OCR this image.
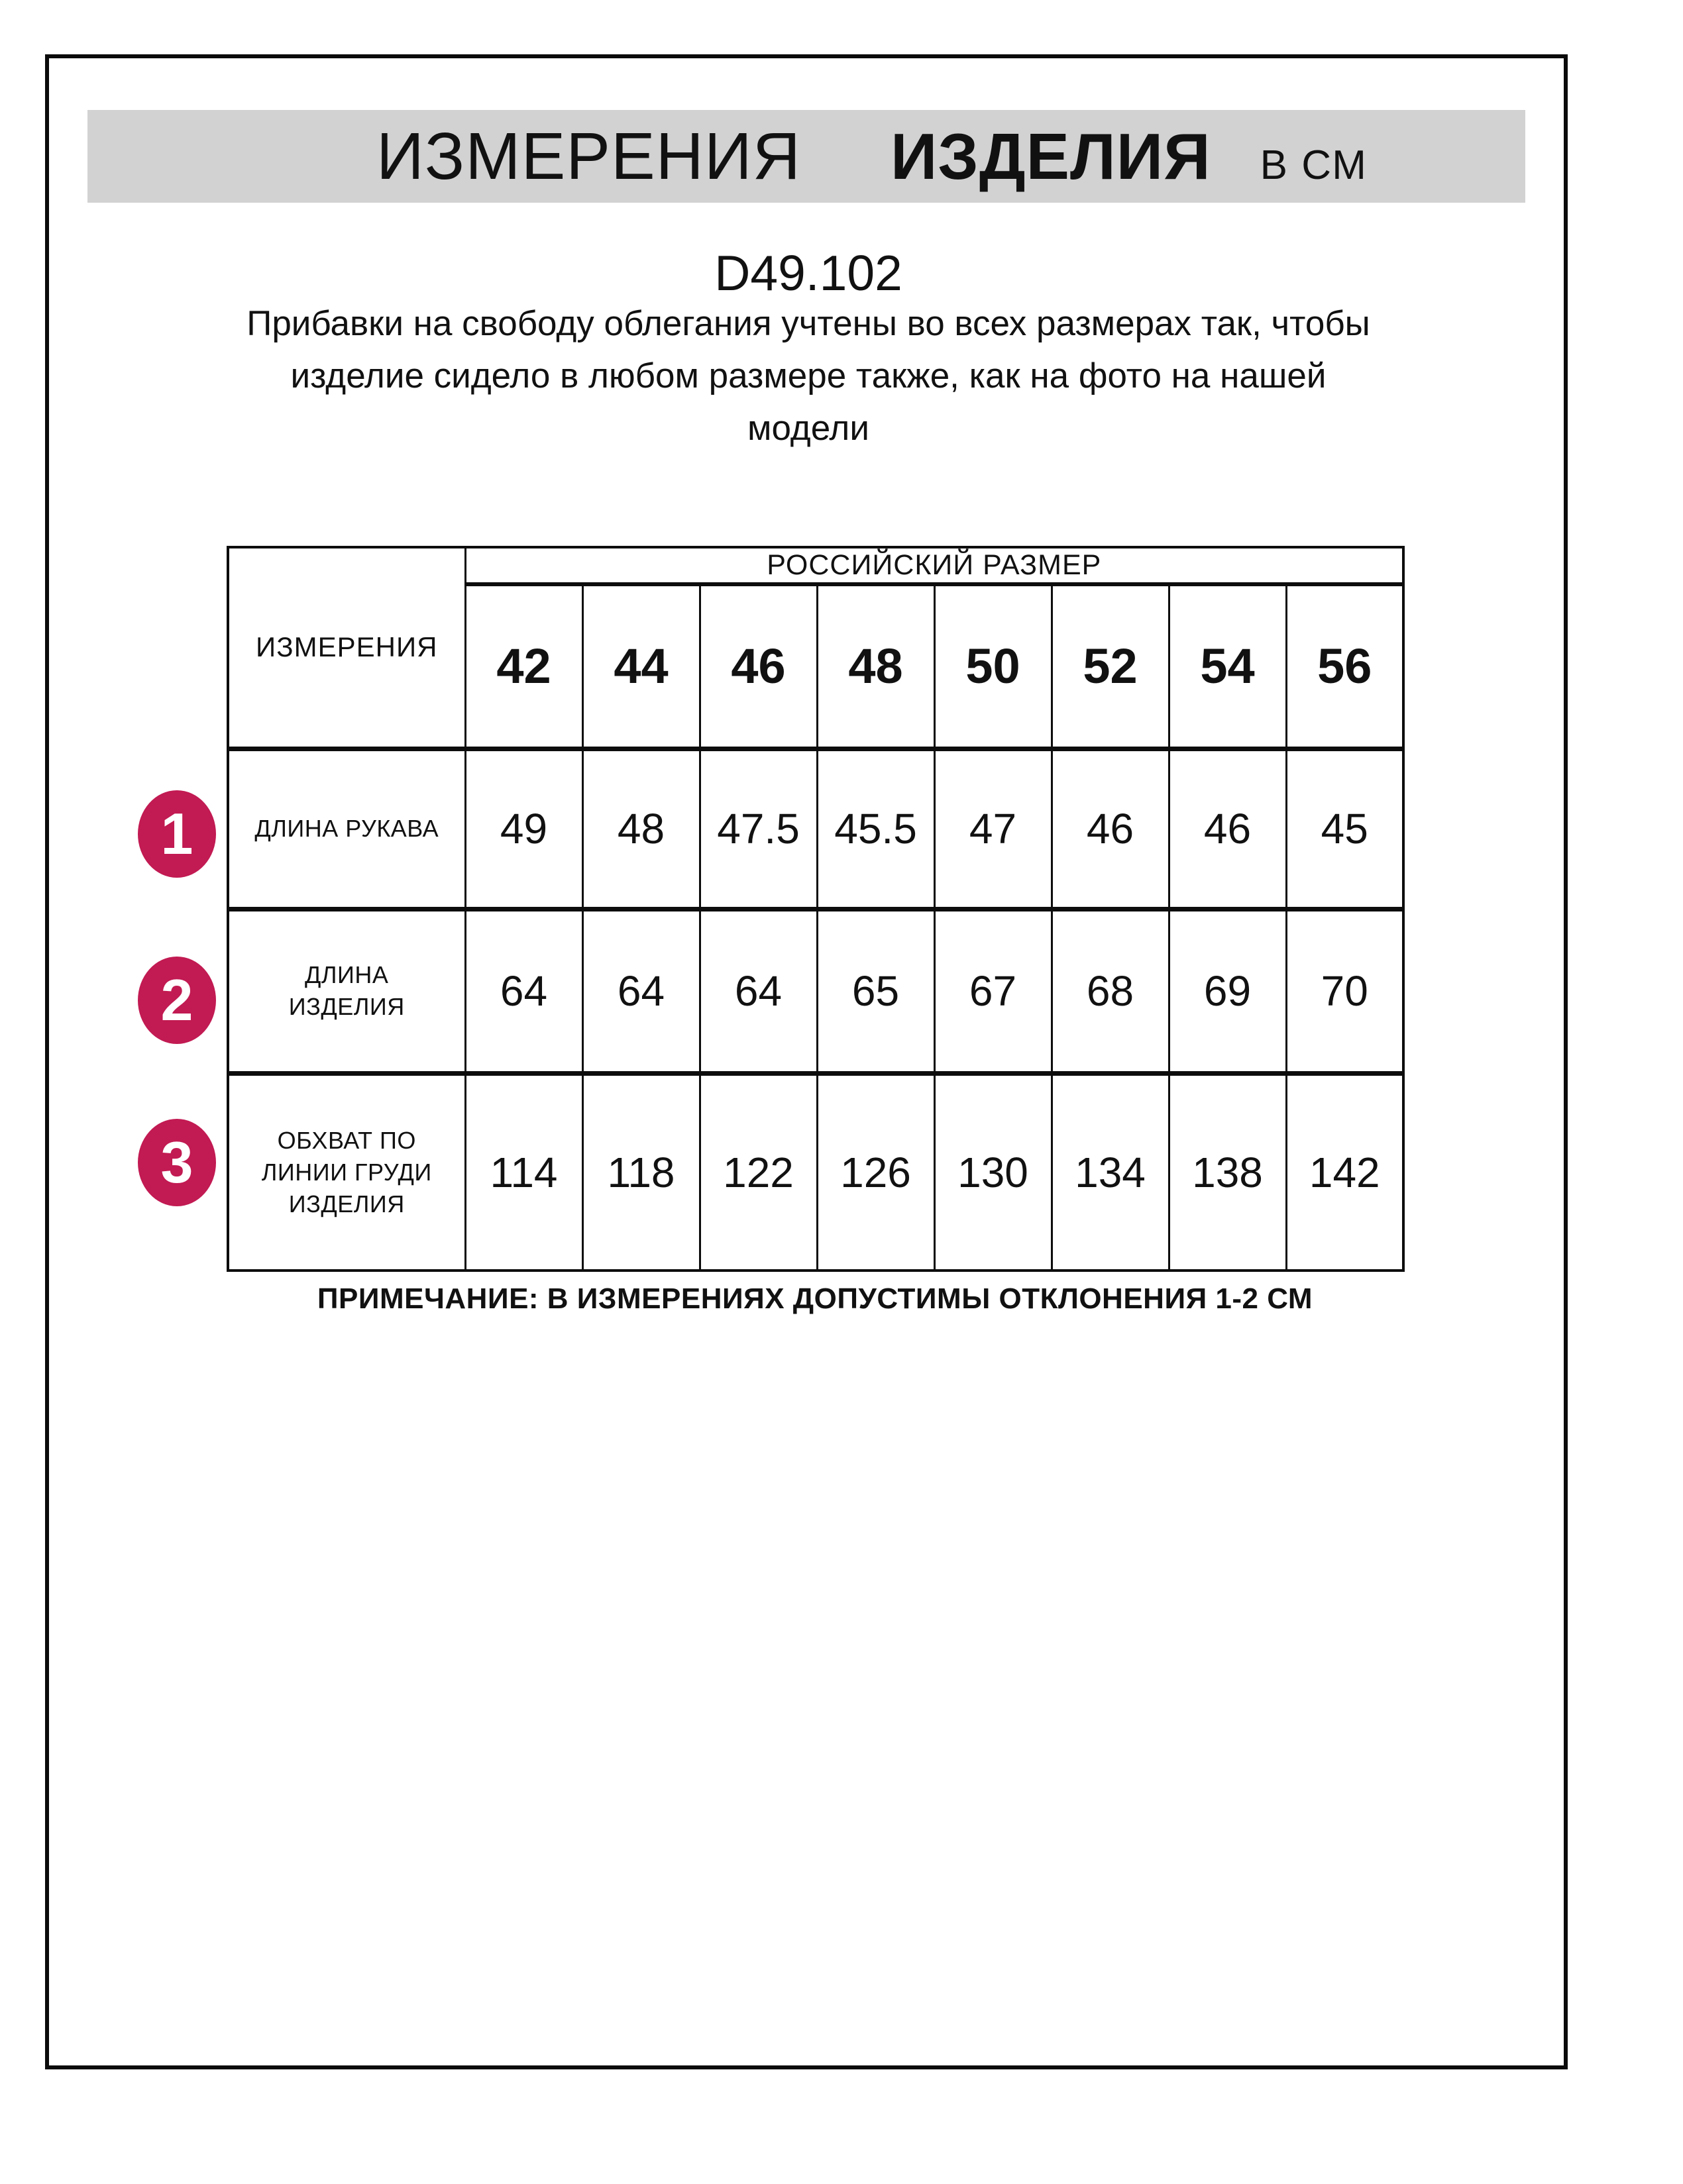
ИЗМЕРЕНИЯ ИЗДЕЛИЯ В СМ
D49.102
Прибавки на свободу облегания учтены во всех размерах так, чтобы
изделие сидело в любом размере также, как на фото на нашей
модели
ИЗМЕРЕНИЯ	РОССИЙСКИЙ РАЗМЕР							
	42	44	46	48	50	52	54	56

ДЛИНА РУКАВА	49	48	47.5	45.5	47	46	46	45

ДЛИНА
ИЗДЕЛИЯ	64	64	64	65	67	68	69	70

ОБХВАТ ПО
ЛИНИИ ГРУДИ
ИЗДЕЛИЯ	114	118	122	126	130	134	138	142
1
2
3
ПРИМЕЧАНИЕ: В ИЗМЕРЕНИЯХ ДОПУСТИМЫ ОТКЛОНЕНИЯ 1-2 СМ
